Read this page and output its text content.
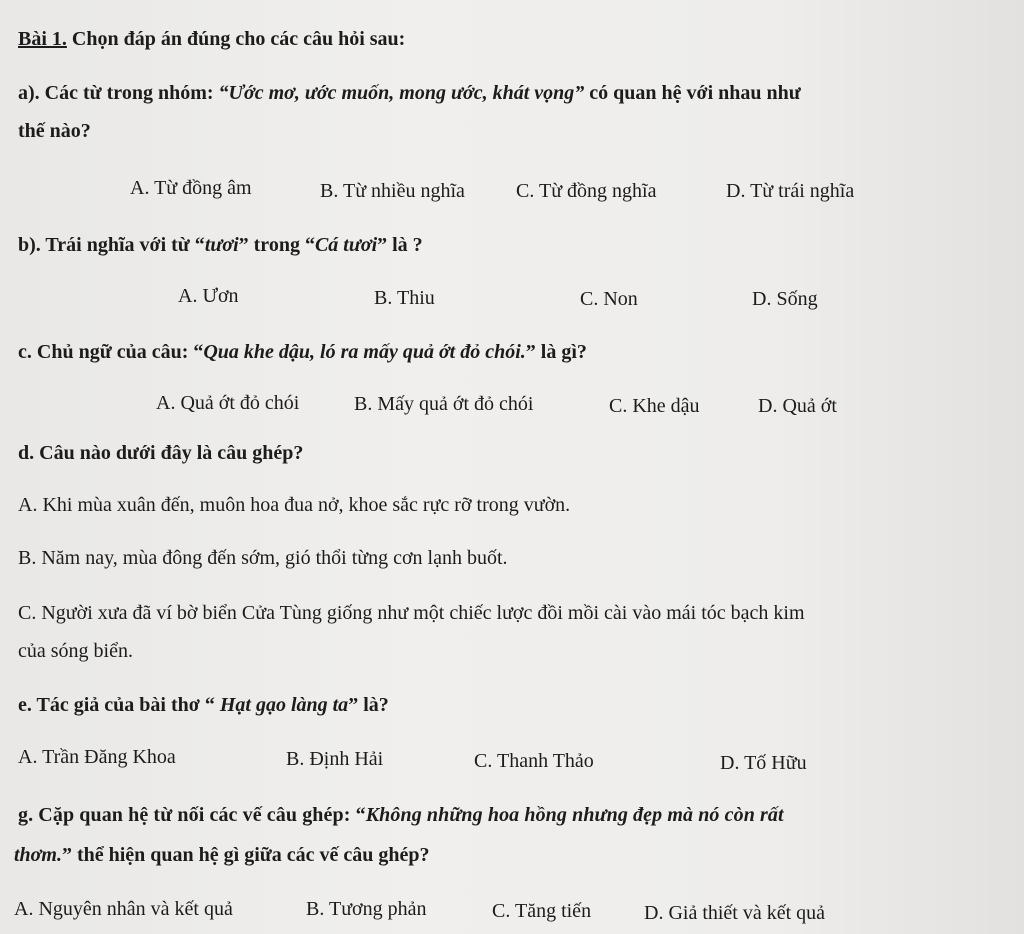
Bài 1. Chọn đáp án đúng cho các câu hỏi sau:
a). Các từ trong nhóm: “Ước mơ, ước muốn, mong ước, khát vọng” có quan hệ với nhau như
thế nào?
A. Từ đồng âm	B. Từ nhiều nghĩa	C. Từ đồng nghĩa	D. Từ trái nghĩa
b). Trái nghĩa với từ “tươi” trong “Cá tươi” là ?
A. Ươn	B. Thiu	C. Non	D. Sống
c. Chủ ngữ của câu: “Qua khe dậu, ló ra mấy quả ớt đỏ chói.” là gì?
A. Quả ớt đỏ chói	B. Mấy quả ớt đỏ chói	C. Khe dậu	D. Quả ớt
d. Câu nào dưới đây là câu ghép?
A. Khi mùa xuân đến, muôn hoa đua nở, khoe sắc rực rỡ trong vườn.
B. Năm nay, mùa đông đến sớm, gió thổi từng cơn lạnh buốt.
C. Người xưa đã ví bờ biển Cửa Tùng giống như một chiếc lược đồi mồi cài vào mái tóc bạch kim
của sóng biển.
e. Tác giả của bài thơ “ Hạt gạo làng ta” là?
A. Trần Đăng Khoa	B. Định Hải	C. Thanh Thảo	D. Tố Hữu
g. Cặp quan hệ từ nối các vế câu ghép: “Không những hoa hồng nhưng đẹp mà nó còn rất
thơm.” thể hiện quan hệ gì giữa các vế câu ghép?
A. Nguyên nhân và kết quả	B. Tương phản	C. Tăng tiến	D. Giả thiết và kết quả
